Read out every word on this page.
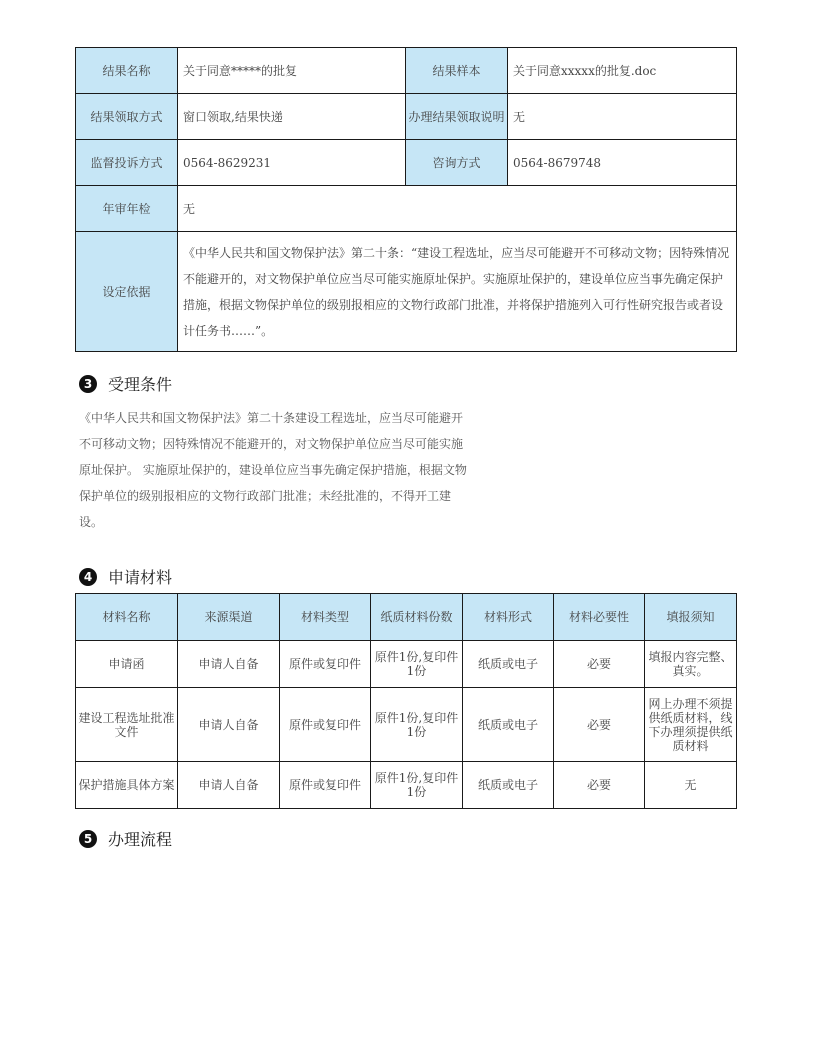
结果名称	关于同意*****的批复	结果样本	关于同意xxxxx的批复.doc
结果领取方式	窗口领取,结果快递	办理结果领取说明	无
监督投诉方式	0564-8629231	咨询方式	0564-8679748
年审年检	无		
设定依据	《中华人民共和国文物保护法》第二十条：“建设工程选址，应当尽可能避开不可移动文物；因特殊情况不能避开的，对文物保护单位应当尽可能实施原址保护。实施原址保护的，建设单位应当事先确定保护措施，根据文物保护单位的级别报相应的文物行政部门批准，并将保护措施列入可行性研究报告或者设计任务书……”。		
3 受理条件

《中华人民共和国文物保护法》第二十条建设工程选址，应当尽可能避开不可移动文物；因特殊情况不能避开的，对文物保护单位应当尽可能实施原址保护。 实施原址保护的，建设单位应当事先确定保护措施，根据文物保护单位的级别报相应的文物行政部门批准；未经批准的，不得开工建设。

4 申请材料
材料名称	来源渠道	材料类型	纸质材料份数	材料形式	材料必要性	填报须知
申请函	申请人自备	原件或复印件	原件1份,复印件1份	纸质或电子	必要	填报内容完整、真实。
建设工程选址批准文件	申请人自备	原件或复印件	原件1份,复印件1份	纸质或电子	必要	网上办理不须提供纸质材料，线下办理须提供纸质材料
保护措施具体方案	申请人自备	原件或复印件	原件1份,复印件1份	纸质或电子	必要	无
5 办理流程
